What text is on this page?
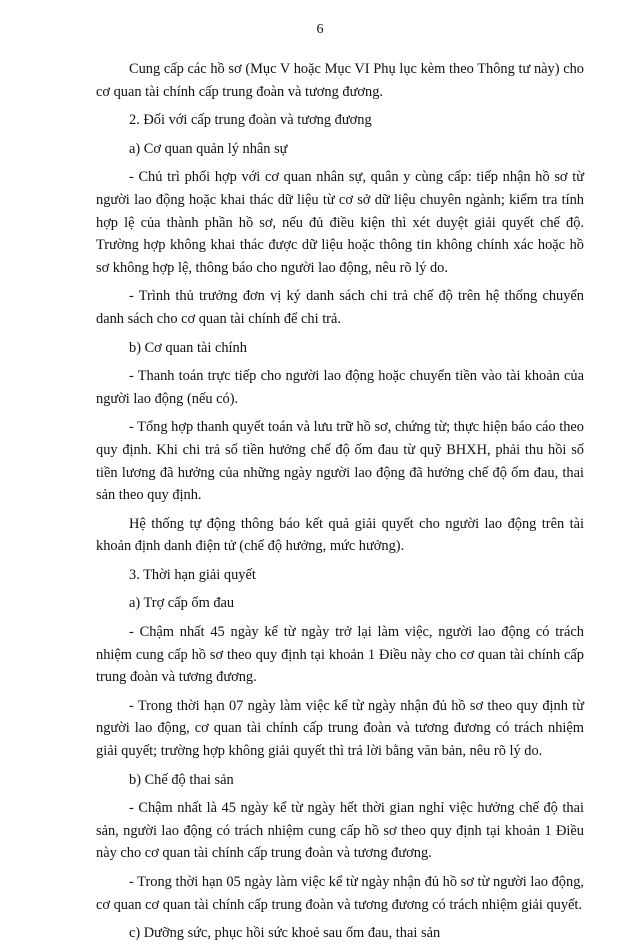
6

Cung cấp các hồ sơ (Mục V hoặc Mục VI Phụ lục kèm theo Thông tư này) cho cơ quan tài chính cấp trung đoàn và tương đương.

2. Đối với cấp trung đoàn và tương đương

a) Cơ quan quản lý nhân sự

- Chủ trì phối hợp với cơ quan nhân sự, quân y cùng cấp: tiếp nhận hồ sơ từ người lao động hoặc khai thác dữ liệu từ cơ sở dữ liệu chuyên ngành; kiểm tra tính hợp lệ của thành phần hồ sơ, nếu đủ điều kiện thì xét duyệt giải quyết chế độ. Trường hợp không khai thác được dữ liệu hoặc thông tin không chính xác hoặc hồ sơ không hợp lệ, thông báo cho người lao động, nêu rõ lý do.

- Trình thủ trưởng đơn vị ký danh sách chi trả chế độ trên hệ thống chuyển danh sách cho cơ quan tài chính để chi trả.

b) Cơ quan tài chính

- Thanh toán trực tiếp cho người lao động hoặc chuyển tiền vào tài khoản của người lao động (nếu có).

- Tổng hợp thanh quyết toán và lưu trữ hồ sơ, chứng từ; thực hiện báo cáo theo quy định. Khi chi trả số tiền hưởng chế độ ốm đau từ quỹ BHXH, phải thu hồi số tiền lương đã hưởng của những ngày người lao động đã hưởng chế độ ốm đau, thai sản theo quy định.

Hệ thống tự động thông báo kết quả giải quyết cho người lao động trên tài khoản định danh điện tử (chế độ hưởng, mức hưởng).

3. Thời hạn giải quyết

a) Trợ cấp ốm đau

- Chậm nhất 45 ngày kể từ ngày trở lại làm việc, người lao động có trách nhiệm cung cấp hồ sơ theo quy định tại khoản 1 Điều này cho cơ quan tài chính cấp trung đoàn và tương đương.

- Trong thời hạn 07 ngày làm việc kể từ ngày nhận đủ hồ sơ theo quy định từ người lao động, cơ quan tài chính cấp trung đoàn và tương đương có trách nhiệm giải quyết; trường hợp không giải quyết thì trả lời bằng văn bản, nêu rõ lý do.

b) Chế độ thai sản

- Chậm nhất là 45 ngày kể từ ngày hết thời gian nghỉ việc hưởng chế độ thai sản, người lao động có trách nhiệm cung cấp hồ sơ theo quy định tại khoản 1 Điều này cho cơ quan tài chính cấp trung đoàn và tương đương.

- Trong thời hạn 05 ngày làm việc kể từ ngày nhận đủ hồ sơ từ người lao động, cơ quan cơ quan tài chính cấp trung đoàn và tương đương có trách nhiệm giải quyết.

c) Dưỡng sức, phục hồi sức khoẻ sau ốm đau, thai sản
